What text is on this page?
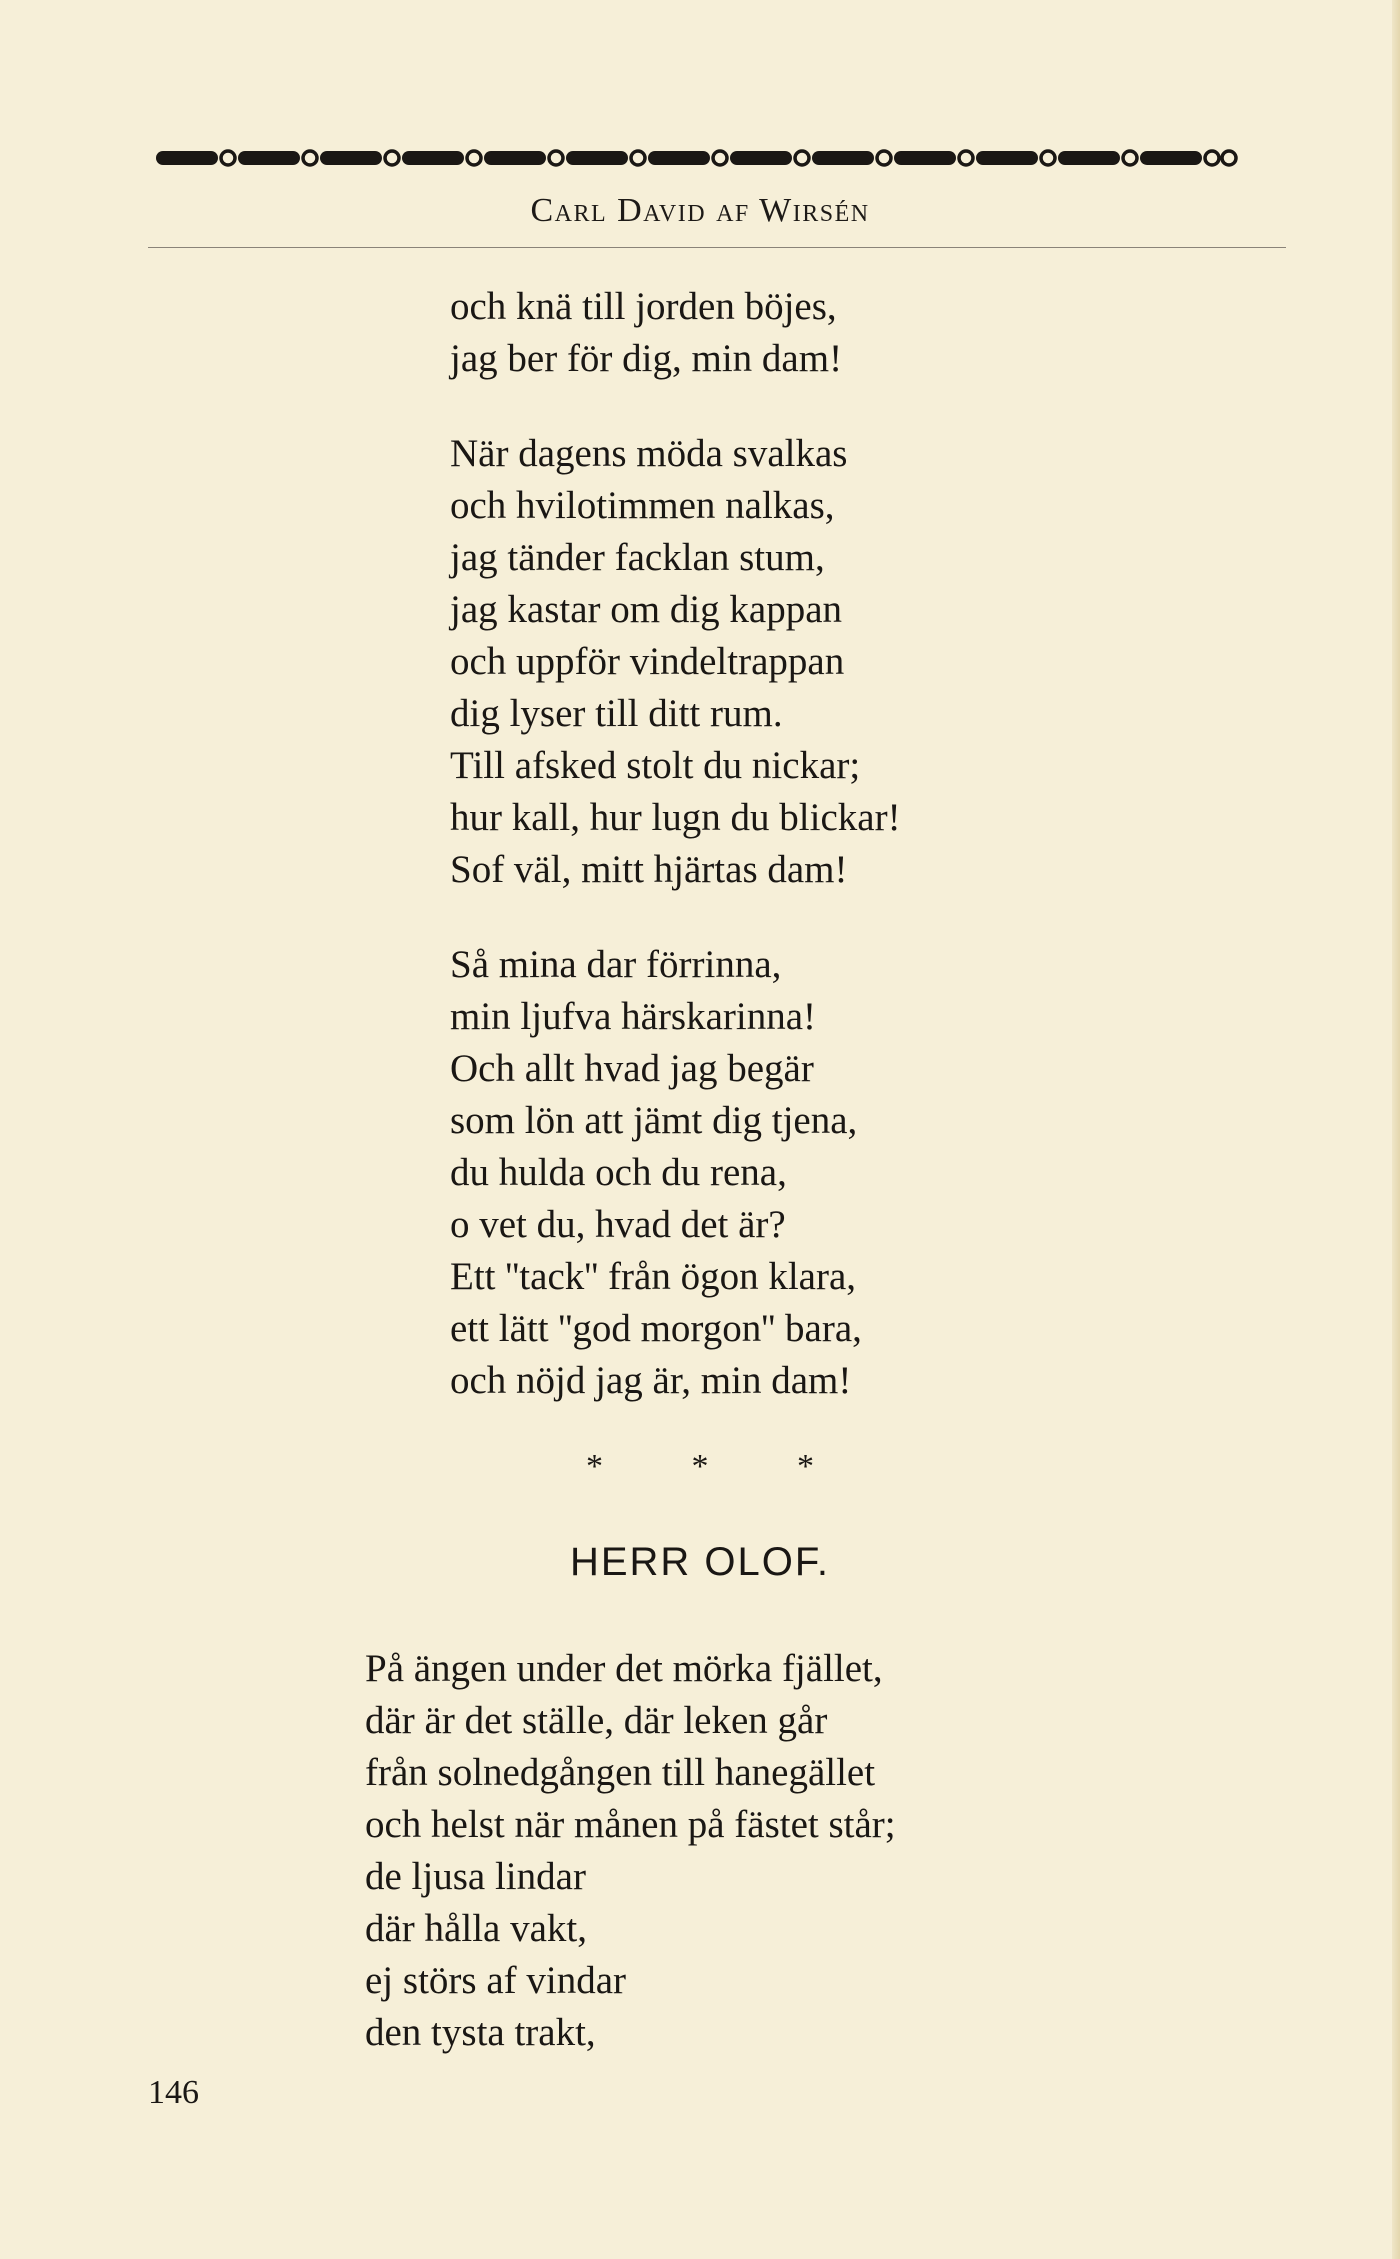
Carl David af Wirsén
och knä till jorden böjes,
jag ber för dig, min dam!
När dagens möda svalkas
och hvilotimmen nalkas,
jag tänder facklan stum,
jag kastar om dig kappan
och uppför vindeltrappan
dig lyser till ditt rum.
Till afsked stolt du nickar;
hur kall, hur lugn du blickar!
Sof väl, mitt hjärtas dam!
Så mina dar förrinna,
min ljufva härskarinna!
Och allt hvad jag begär
som lön att jämt dig tjena,
du hulda och du rena,
o vet du, hvad det är?
Ett ''tack'' från ögon klara,
ett lätt ''god morgon'' bara,
och nöjd jag är, min dam!
* * *
HERR OLOF.
På ängen under det mörka fjället,
där är det ställe, där leken går
från solnedgången till hanegället
och helst när månen på fästet står;
de ljusa lindar
där hålla vakt,
ej störs af vindar
den tysta trakt,
146
